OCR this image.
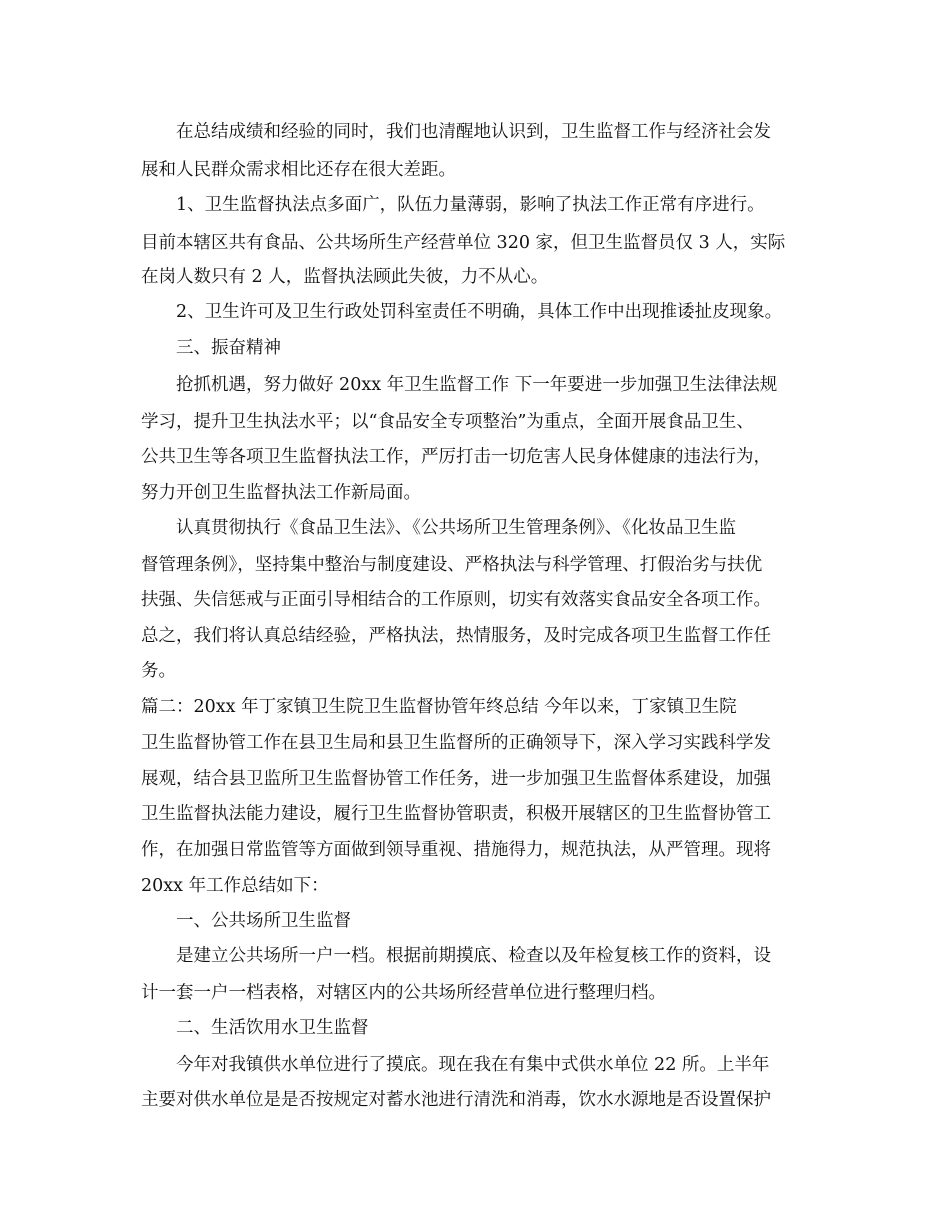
在总结成绩和经验的同时，我们也清醒地认识到，卫生监督工作与经济社会发
展和人民群众需求相比还存在很大差距。
1、卫生监督执法点多面广，队伍力量薄弱，影响了执法工作正常有序进行。
目前本辖区共有食品、公共场所生产经营单位 320 家，但卫生监督员仅 3 人，实际
在岗人数只有 2 人，监督执法顾此失彼，力不从心。
2、卫生许可及卫生行政处罚科室责任不明确，具体工作中出现推诿扯皮现象。
三、振奋精神
抢抓机遇，努力做好 20xx 年卫生监督工作 下一年要进一步加强卫生法律法规
学习，提升卫生执法水平；以“食品安全专项整治”为重点，全面开展食品卫生、
公共卫生等各项卫生监督执法工作，严厉打击一切危害人民身体健康的违法行为，
努力开创卫生监督执法工作新局面。
认真贯彻执行《食品卫生法》、《公共场所卫生管理条例》、《化妆品卫生监
督管理条例》，坚持集中整治与制度建设、严格执法与科学管理、打假治劣与扶优
扶强、失信惩戒与正面引导相结合的工作原则，切实有效落实食品安全各项工作。
总之，我们将认真总结经验，严格执法，热情服务，及时完成各项卫生监督工作任
务。
篇二：20xx 年丁家镇卫生院卫生监督协管年终总结 今年以来，丁家镇卫生院
卫生监督协管工作在县卫生局和县卫生监督所的正确领导下，深入学习实践科学发
展观，结合县卫监所卫生监督协管工作任务，进一步加强卫生监督体系建设，加强
卫生监督执法能力建设，履行卫生监督协管职责，积极开展辖区的卫生监督协管工
作，在加强日常监管等方面做到领导重视、措施得力，规范执法，从严管理。现将
20xx 年工作总结如下：
一、公共场所卫生监督
是建立公共场所一户一档。根据前期摸底、检查以及年检复核工作的资料，设
计一套一户一档表格，对辖区内的公共场所经营单位进行整理归档。
二、生活饮用水卫生监督
今年对我镇供水单位进行了摸底。现在我在有集中式供水单位 22 所。上半年
主要对供水单位是是否按规定对蓄水池进行清洗和消毒，饮水水源地是否设置保护
